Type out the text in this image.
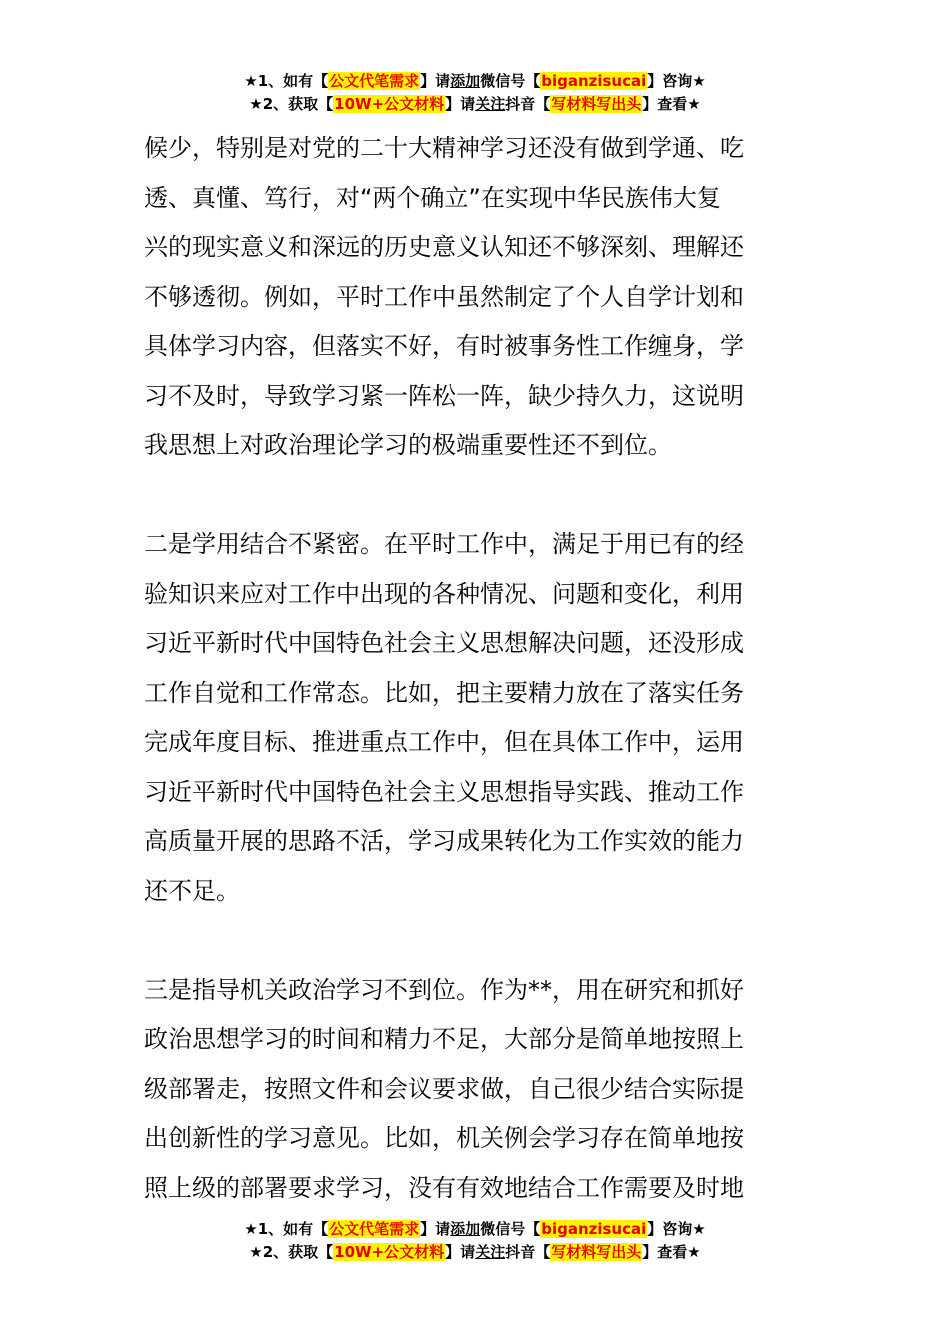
★1、如有【公文代笔需求】请添加微信号【biganzisucai】咨询★
★2、获取【10W+公文材料】请关注抖音【写材料写出头】查看★

候少，特别是对党的二十大精神学习还没有做到学通、吃
透、真懂、笃行，对“两个确立”在实现中华民族伟大复
兴的现实意义和深远的历史意义认知还不够深刻、理解还
不够透彻。例如，平时工作中虽然制定了个人自学计划和
具体学习内容，但落实不好，有时被事务性工作缠身，学
习不及时，导致学习紧一阵松一阵，缺少持久力，这说明
我思想上对政治理论学习的极端重要性还不到位。

二是学用结合不紧密。在平时工作中，满足于用已有的经
验知识来应对工作中出现的各种情况、问题和变化，利用
习近平新时代中国特色社会主义思想解决问题，还没形成
工作自觉和工作常态。比如，把主要精力放在了落实任务
完成年度目标、推进重点工作中，但在具体工作中，运用
习近平新时代中国特色社会主义思想指导实践、推动工作
高质量开展的思路不活，学习成果转化为工作实效的能力
还不足。

三是指导机关政治学习不到位。作为**，用在研究和抓好
政治思想学习的时间和精力不足，大部分是简单地按照上
级部署走，按照文件和会议要求做，自己很少结合实际提
出创新性的学习意见。比如，机关例会学习存在简单地按
照上级的部署要求学习，没有有效地结合工作需要及时地

★1、如有【公文代笔需求】请添加微信号【biganzisucai】咨询★
★2、获取【10W+公文材料】请关注抖音【写材料写出头】查看★
